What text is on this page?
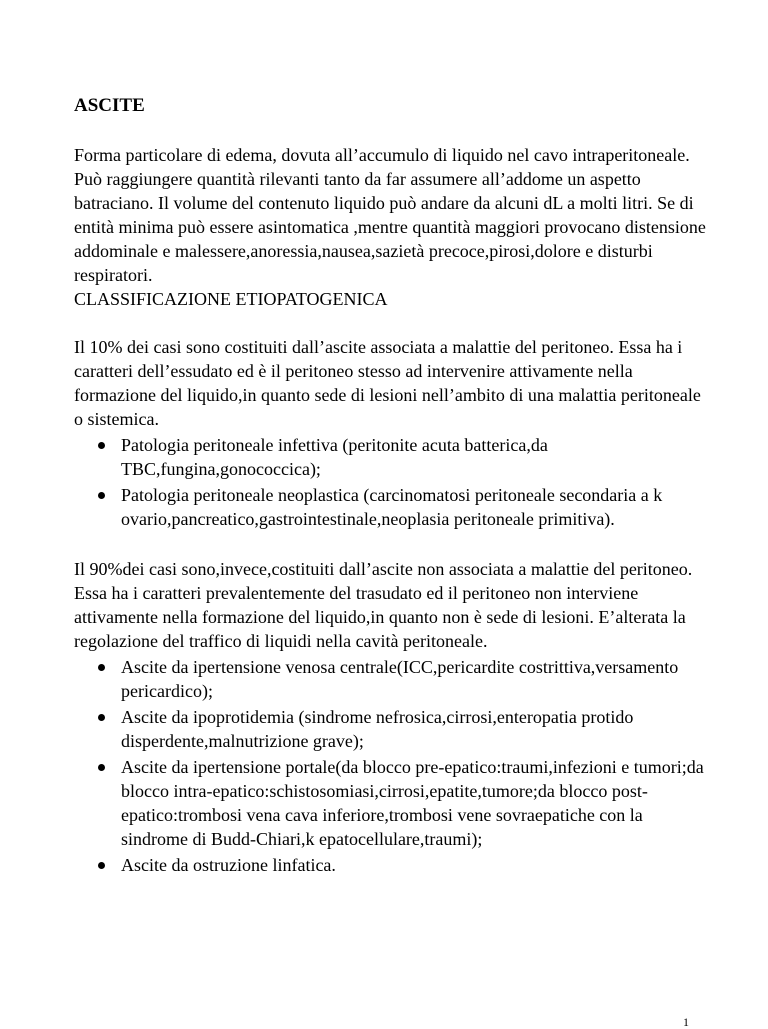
ASCITE

Forma particolare di edema, dovuta all’accumulo di liquido nel cavo intraperitoneale. Può raggiungere quantità rilevanti tanto da far assumere all’addome un aspetto batraciano. Il volume del contenuto liquido può andare da alcuni dL a molti litri. Se di entità minima può essere asintomatica ,mentre quantità maggiori provocano distensione addominale e malessere,anoressia,nausea,sazietà precoce,pirosi,dolore e disturbi respiratori.

CLASSIFICAZIONE ETIOPATOGENICA

Il 10% dei casi sono costituiti dall’ascite associata a malattie del peritoneo. Essa ha i caratteri dell’essudato ed è il peritoneo stesso ad intervenire attivamente nella formazione del liquido,in quanto sede di lesioni nell’ambito di una malattia peritoneale o sistemica.

Patologia peritoneale infettiva (peritonite acuta batterica,da TBC,fungina,gonococcica);
Patologia peritoneale neoplastica (carcinomatosi peritoneale secondaria a k ovario,pancreatico,gastrointestinale,neoplasia peritoneale primitiva).

Il 90%dei casi sono,invece,costituiti dall’ascite non associata a malattie del peritoneo. Essa ha i caratteri prevalentemente del trasudato ed il peritoneo non interviene attivamente nella formazione del liquido,in quanto non è sede di lesioni. E’alterata la regolazione del traffico di liquidi nella cavità peritoneale.

Ascite da ipertensione venosa centrale(ICC,pericardite costrittiva,versamento pericardico);
Ascite da ipoprotidemia (sindrome nefrosica,cirrosi,enteropatia protido disperdente,malnutrizione grave);
Ascite da ipertensione portale(da blocco pre-epatico:traumi,infezioni e tumori;da blocco intra-epatico:schistosomiasi,cirrosi,epatite,tumore;da blocco post-epatico:trombosi vena cava inferiore,trombosi vene sovraepatiche con la sindrome di Budd-Chiari,k epatocellulare,traumi);
Ascite da ostruzione linfatica.
1
